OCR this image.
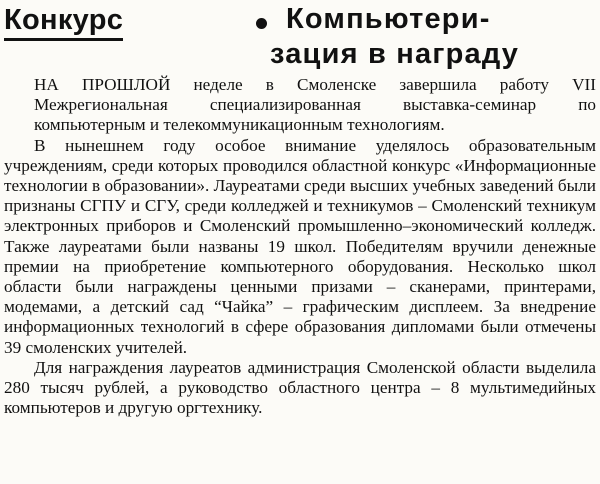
Конкурс	Компьютери-
зация в награду

НА ПРОШЛОЙ неделе в Смоленске завершила работу VII Межрегиональная специализированная выставка-семинар по компьютерным и телекоммуникационным технологиям.

В нынешнем году особое внимание уделялось образовательным учреждениям, среди которых проводился областной конкурс «Информационные технологии в образовании». Лауреатами среди высших учебных заведений были признаны СГПУ и СГУ, среди колледжей и техникумов – Смоленский техникум электронных приборов и Смоленский промышленно–экономический колледж. Также лауреатами были названы 19 школ. Победителям вручили денежные премии на приобретение компьютерного оборудования. Несколько школ области были награждены ценными призами – сканерами, принтерами, модемами, а детский сад “Чайка” – графическим дисплеем. За внедрение информационных технологий в сфере образования дипломами были отмечены 39 смоленских учителей.

Для награждения лауреатов администрация Смоленской области выделила 280 тысяч рублей, а руководство областного центра – 8 мультимедийных компьютеров и другую оргтехнику.
